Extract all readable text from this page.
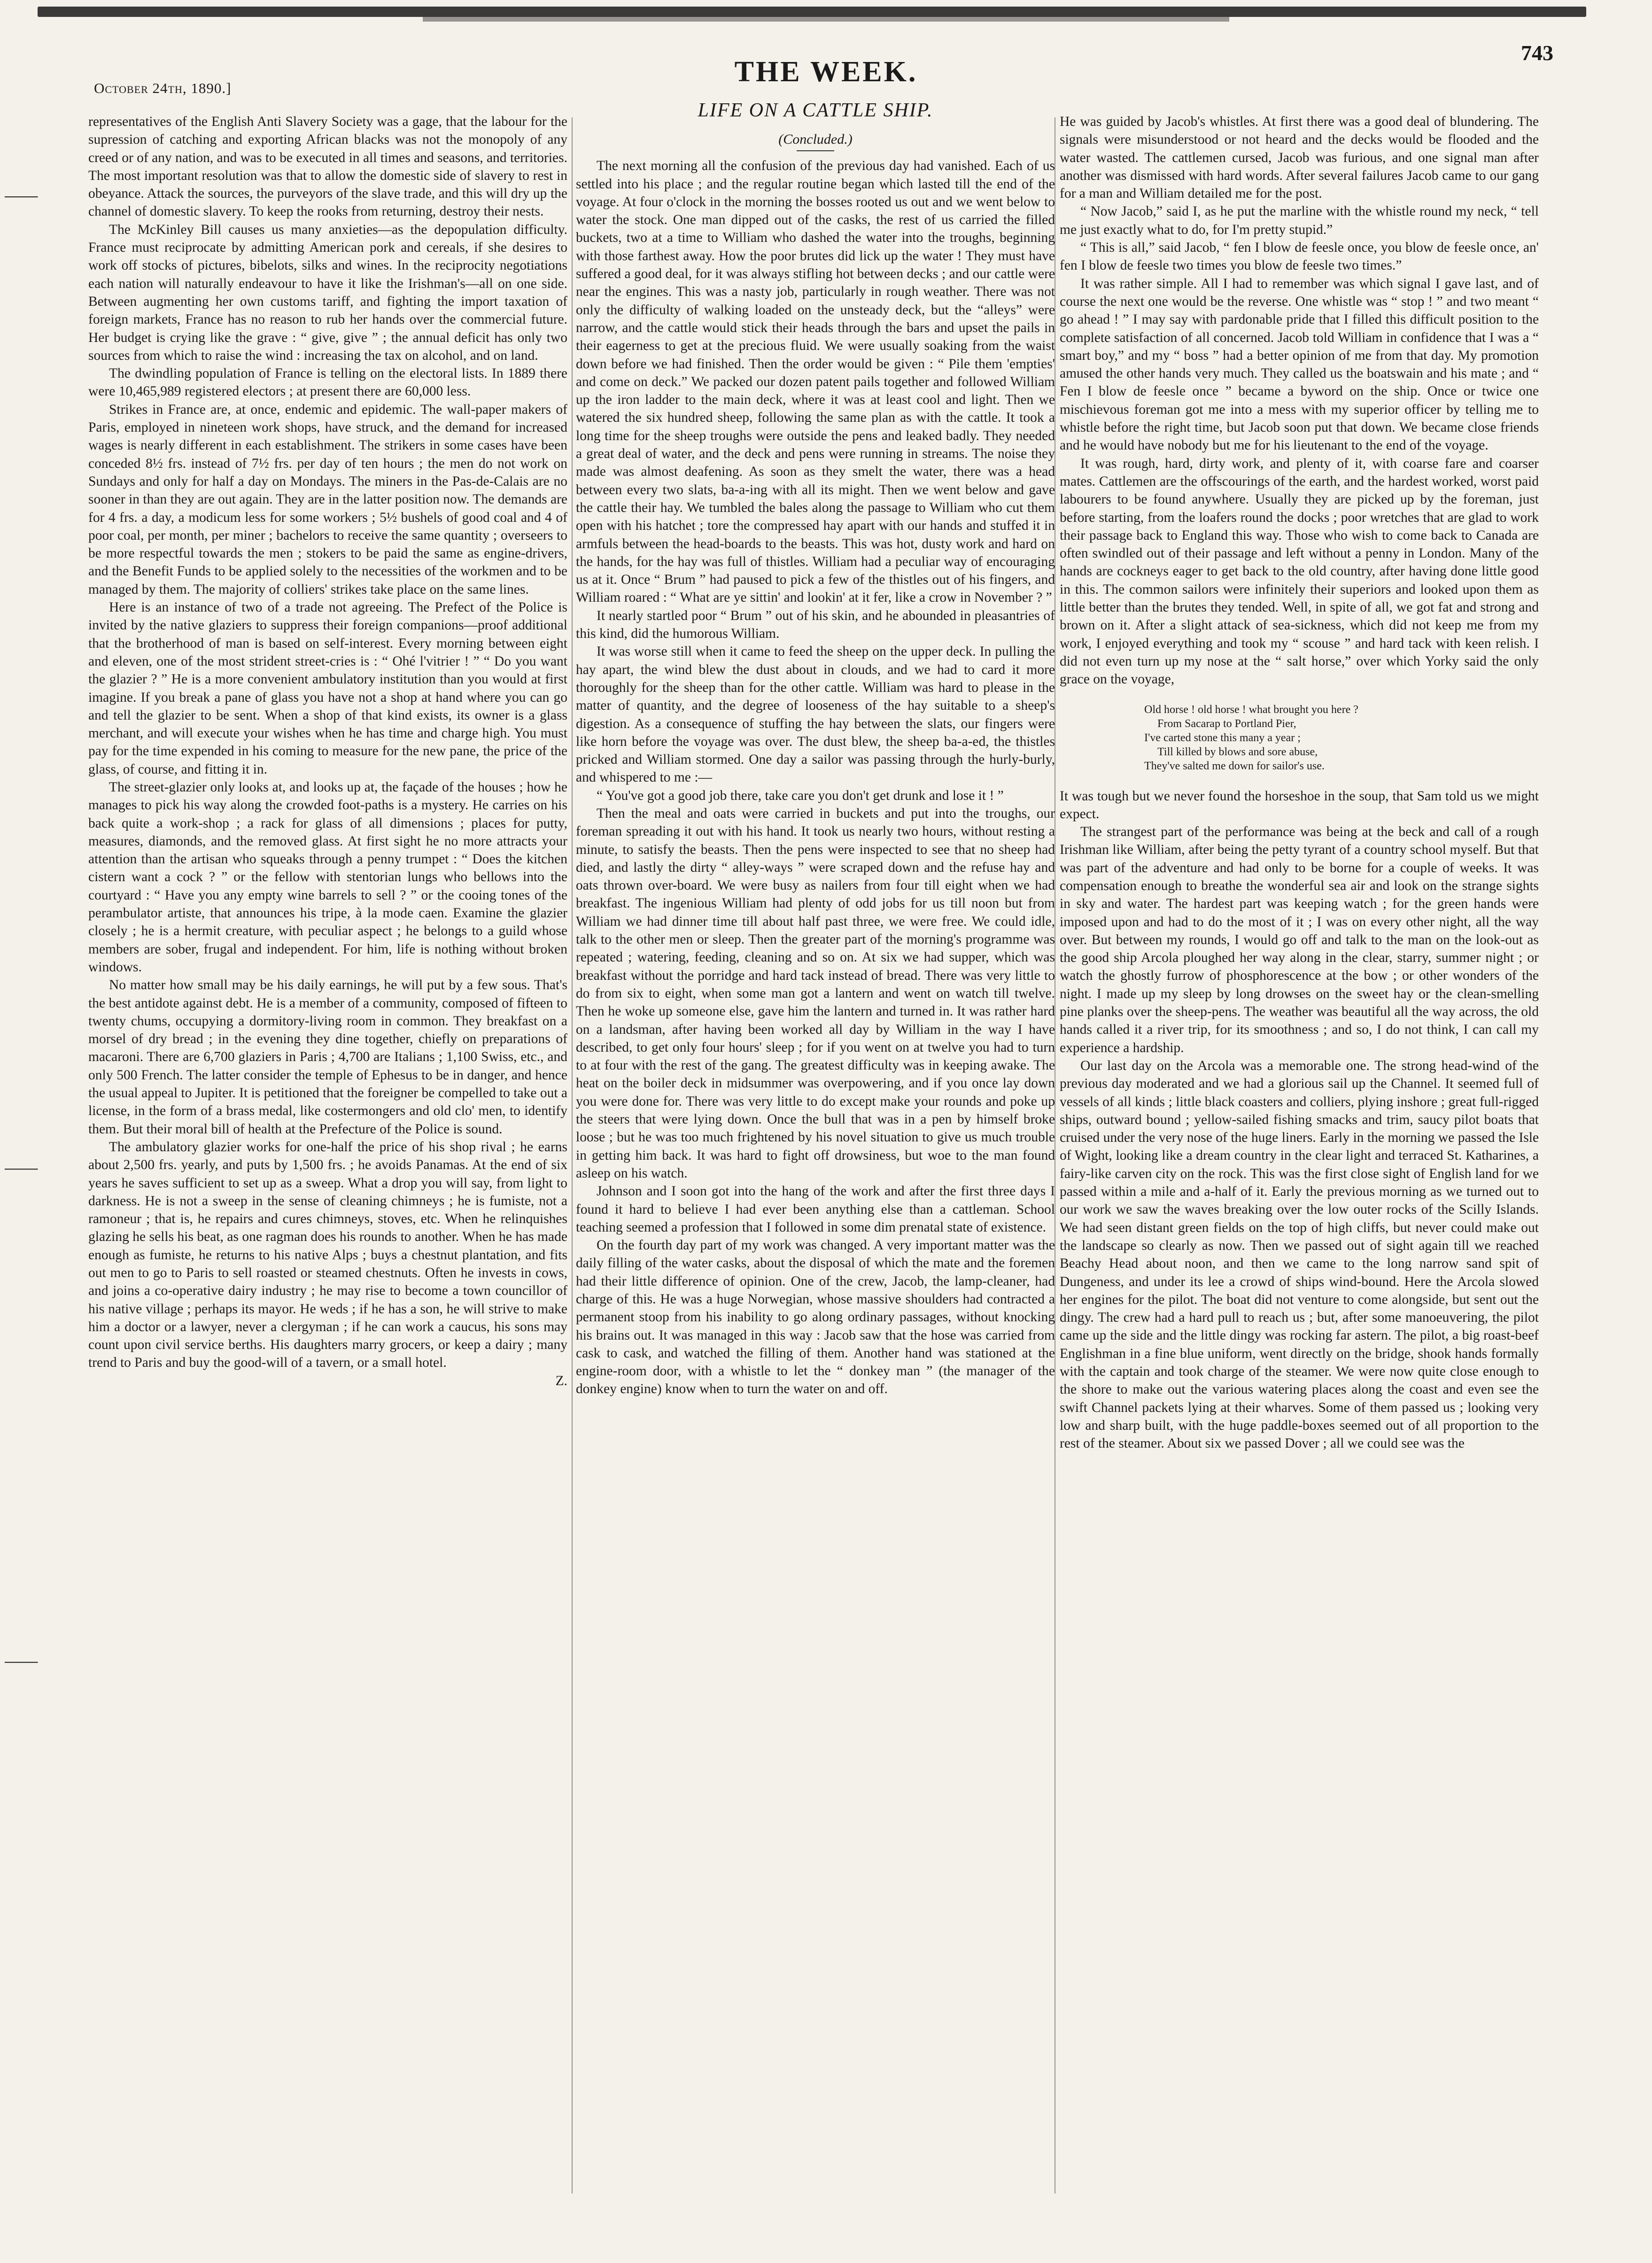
October 24th, 1890.]
THE WEEK.
743
⸺
⸺
⸺

representatives of the English Anti Slavery Society was a gage, that the labour for the supression of catching and exporting African blacks was not the monopoly of any creed or of any nation, and was to be executed in all times and seasons, and territories. The most important resolution was that to allow the domestic side of slavery to rest in obeyance. Attack the sources, the purveyors of the slave trade, and this will dry up the channel of domestic slavery. To keep the rooks from returning, destroy their nests.

The McKinley Bill causes us many anxieties—as the depopulation difficulty. France must reciprocate by admitting American pork and cereals, if she desires to work off stocks of pictures, bibelots, silks and wines. In the reciprocity negotiations each nation will naturally endeavour to have it like the Irishman's—all on one side. Between augmenting her own customs tariff, and fighting the import taxation of foreign markets, France has no reason to rub her hands over the commercial future. Her budget is crying like the grave : “ give, give ” ; the annual deficit has only two sources from which to raise the wind : increasing the tax on alcohol, and on land.

The dwindling population of France is telling on the electoral lists. In 1889 there were 10,465,989 registered electors ; at present there are 60,000 less.

Strikes in France are, at once, endemic and epidemic. The wall-paper makers of Paris, employed in nineteen work shops, have struck, and the demand for increased wages is nearly different in each establishment. The strikers in some cases have been conceded 8½ frs. instead of 7½ frs. per day of ten hours ; the men do not work on Sundays and only for half a day on Mondays. The miners in the Pas-de-Calais are no sooner in than they are out again. They are in the latter position now. The demands are for 4 frs. a day, a modicum less for some workers ; 5½ bushels of good coal and 4 of poor coal, per month, per miner ; bachelors to receive the same quantity ; overseers to be more respectful towards the men ; stokers to be paid the same as engine-drivers, and the Benefit Funds to be applied solely to the necessities of the workmen and to be managed by them. The majority of colliers' strikes take place on the same lines.

Here is an instance of two of a trade not agreeing. The Prefect of the Police is invited by the native glaziers to suppress their foreign companions—proof additional that the brotherhood of man is based on self-interest. Every morning between eight and eleven, one of the most strident street-cries is : “ Ohé l'vitrier ! ” “ Do you want the glazier ? ” He is a more convenient ambulatory institution than you would at first imagine. If you break a pane of glass you have not a shop at hand where you can go and tell the glazier to be sent. When a shop of that kind exists, its owner is a glass merchant, and will execute your wishes when he has time and charge high. You must pay for the time expended in his coming to measure for the new pane, the price of the glass, of course, and fitting it in.

The street-glazier only looks at, and looks up at, the façade of the houses ; how he manages to pick his way along the crowded foot-paths is a mystery. He carries on his back quite a work-shop ; a rack for glass of all dimensions ; places for putty, measures, diamonds, and the removed glass. At first sight he no more attracts your attention than the artisan who squeaks through a penny trumpet : “ Does the kitchen cistern want a cock ? ” or the fellow with stentorian lungs who bellows into the courtyard : “ Have you any empty wine barrels to sell ? ” or the cooing tones of the perambulator artiste, that announces his tripe, à la mode caen. Examine the glazier closely ; he is a hermit creature, with peculiar aspect ; he belongs to a guild whose members are sober, frugal and independent. For him, life is nothing without broken windows.

No matter how small may be his daily earnings, he will put by a few sous. That's the best antidote against debt. He is a member of a community, composed of fifteen to twenty chums, occupying a dormitory-living room in common. They breakfast on a morsel of dry bread ; in the evening they dine together, chiefly on preparations of macaroni. There are 6,700 glaziers in Paris ; 4,700 are Italians ; 1,100 Swiss, etc., and only 500 French. The latter consider the temple of Ephesus to be in danger, and hence the usual appeal to Jupiter. It is petitioned that the foreigner be compelled to take out a license, in the form of a brass medal, like costermongers and old clo' men, to identify them. But their moral bill of health at the Prefecture of the Police is sound.

The ambulatory glazier works for one-half the price of his shop rival ; he earns about 2,500 frs. yearly, and puts by 1,500 frs. ; he avoids Panamas. At the end of six years he saves sufficient to set up as a sweep. What a drop you will say, from light to darkness. He is not a sweep in the sense of cleaning chimneys ; he is fumiste, not a ramoneur ; that is, he repairs and cures chimneys, stoves, etc. When he relinquishes glazing he sells his beat, as one ragman does his rounds to another. When he has made enough as fumiste, he returns to his native Alps ; buys a chestnut plantation, and fits out men to go to Paris to sell roasted or steamed chestnuts. Often he invests in cows, and joins a co-operative dairy industry ; he may rise to become a town councillor of his native village ; perhaps its mayor. He weds ; if he has a son, he will strive to make him a doctor or a lawyer, never a clergyman ; if he can work a caucus, his sons may count upon civil service berths. His daughters marry grocers, or keep a dairy ; many trend to Paris and buy the good-will of a tavern, or a small hotel.

Z.

LIFE ON A CATTLE SHIP.
(Concluded.)

The next morning all the confusion of the previous day had vanished. Each of us settled into his place ; and the regular routine began which lasted till the end of the voyage. At four o'clock in the morning the bosses rooted us out and we went below to water the stock. One man dipped out of the casks, the rest of us carried the filled buckets, two at a time to William who dashed the water into the troughs, beginning with those farthest away. How the poor brutes did lick up the water ! They must have suffered a good deal, for it was always stifling hot between decks ; and our cattle were near the engines. This was a nasty job, particularly in rough weather. There was not only the difficulty of walking loaded on the unsteady deck, but the “alleys” were narrow, and the cattle would stick their heads through the bars and upset the pails in their eagerness to get at the precious fluid. We were usually soaking from the waist down before we had finished. Then the order would be given : “ Pile them 'empties' and come on deck.” We packed our dozen patent pails together and followed William up the iron ladder to the main deck, where it was at least cool and light. Then we watered the six hundred sheep, following the same plan as with the cattle. It took a long time for the sheep troughs were outside the pens and leaked badly. They needed a great deal of water, and the deck and pens were running in streams. The noise they made was almost deafening. As soon as they smelt the water, there was a head between every two slats, ba-a-ing with all its might. Then we went below and gave the cattle their hay. We tumbled the bales along the passage to William who cut them open with his hatchet ; tore the compressed hay apart with our hands and stuffed it in armfuls between the head-boards to the beasts. This was hot, dusty work and hard on the hands, for the hay was full of thistles. William had a peculiar way of encouraging us at it. Once “ Brum ” had paused to pick a few of the thistles out of his fingers, and William roared : “ What are ye sittin' and lookin' at it fer, like a crow in November ? ”

It nearly startled poor “ Brum ” out of his skin, and he abounded in pleasantries of this kind, did the humorous William.

It was worse still when it came to feed the sheep on the upper deck. In pulling the hay apart, the wind blew the dust about in clouds, and we had to card it more thoroughly for the sheep than for the other cattle. William was hard to please in the matter of quantity, and the degree of looseness of the hay suitable to a sheep's digestion. As a consequence of stuffing the hay between the slats, our fingers were like horn before the voyage was over. The dust blew, the sheep ba-a-ed, the thistles pricked and William stormed. One day a sailor was passing through the hurly-burly, and whispered to me :—

“ You've got a good job there, take care you don't get drunk and lose it ! ”

Then the meal and oats were carried in buckets and put into the troughs, our foreman spreading it out with his hand. It took us nearly two hours, without resting a minute, to satisfy the beasts. Then the pens were inspected to see that no sheep had died, and lastly the dirty “ alley-ways ” were scraped down and the refuse hay and oats thrown over-board. We were busy as nailers from four till eight when we had breakfast. The ingenious William had plenty of odd jobs for us till noon but from William we had dinner time till about half past three, we were free. We could idle, talk to the other men or sleep. Then the greater part of the morning's programme was repeated ; watering, feeding, cleaning and so on. At six we had supper, which was breakfast without the porridge and hard tack instead of bread. There was very little to do from six to eight, when some man got a lantern and went on watch till twelve. Then he woke up someone else, gave him the lantern and turned in. It was rather hard on a landsman, after having been worked all day by William in the way I have described, to get only four hours' sleep ; for if you went on at twelve you had to turn to at four with the rest of the gang. The greatest difficulty was in keeping awake. The heat on the boiler deck in midsummer was overpowering, and if you once lay down you were done for. There was very little to do except make your rounds and poke up the steers that were lying down. Once the bull that was in a pen by himself broke loose ; but he was too much frightened by his novel situation to give us much trouble in getting him back. It was hard to fight off drowsiness, but woe to the man found asleep on his watch.

Johnson and I soon got into the hang of the work and after the first three days I found it hard to believe I had ever been anything else than a cattleman. School teaching seemed a profession that I followed in some dim prenatal state of existence.

On the fourth day part of my work was changed. A very important matter was the daily filling of the water casks, about the disposal of which the mate and the foremen had their little difference of opinion. One of the crew, Jacob, the lamp-cleaner, had charge of this. He was a huge Norwegian, whose massive shoulders had contracted a permanent stoop from his inability to go along ordinary passages, without knocking his brains out. It was managed in this way : Jacob saw that the hose was carried from cask to cask, and watched the filling of them. Another hand was stationed at the engine-room door, with a whistle to let the “ donkey man ” (the manager of the donkey engine) know when to turn the water on and off.

He was guided by Jacob's whistles. At first there was a good deal of blundering. The signals were misunderstood or not heard and the decks would be flooded and the water wasted. The cattlemen cursed, Jacob was furious, and one signal man after another was dismissed with hard words. After several failures Jacob came to our gang for a man and William detailed me for the post.

“ Now Jacob,” said I, as he put the marline with the whistle round my neck, “ tell me just exactly what to do, for I'm pretty stupid.”

“ This is all,” said Jacob, “ fen I blow de feesle once, you blow de feesle once, an' fen I blow de feesle two times you blow de feesle two times.”

It was rather simple. All I had to remember was which signal I gave last, and of course the next one would be the reverse. One whistle was “ stop ! ” and two meant “ go ahead ! ” I may say with pardonable pride that I filled this difficult position to the complete satisfaction of all concerned. Jacob told William in confidence that I was a “ smart boy,” and my “ boss ” had a better opinion of me from that day. My promotion amused the other hands very much. They called us the boatswain and his mate ; and “ Fen I blow de feesle once ” became a byword on the ship. Once or twice one mischievous foreman got me into a mess with my superior officer by telling me to whistle before the right time, but Jacob soon put that down. We became close friends and he would have nobody but me for his lieutenant to the end of the voyage.

It was rough, hard, dirty work, and plenty of it, with coarse fare and coarser mates. Cattlemen are the offscourings of the earth, and the hardest worked, worst paid labourers to be found anywhere. Usually they are picked up by the foreman, just before starting, from the loafers round the docks ; poor wretches that are glad to work their passage back to England this way. Those who wish to come back to Canada are often swindled out of their passage and left without a penny in London. Many of the hands are cockneys eager to get back to the old country, after having done little good in this. The common sailors were infinitely their superiors and looked upon them as little better than the brutes they tended. Well, in spite of all, we got fat and strong and brown on it. After a slight attack of sea-sickness, which did not keep me from my work, I enjoyed everything and took my “ scouse ” and hard tack with keen relish. I did not even turn up my nose at the “ salt horse,” over which Yorky said the only grace on the voyage,

Old horse ! old horse ! what brought you here ?
From Sacarap to Portland Pier,
I've carted stone this many a year ;
Till killed by blows and sore abuse,
They've salted me down for sailor's use.

It was tough but we never found the horseshoe in the soup, that Sam told us we might expect.

The strangest part of the performance was being at the beck and call of a rough Irishman like William, after being the petty tyrant of a country school myself. But that was part of the adventure and had only to be borne for a couple of weeks. It was compensation enough to breathe the wonderful sea air and look on the strange sights in sky and water. The hardest part was keeping watch ; for the green hands were imposed upon and had to do the most of it ; I was on every other night, all the way over. But between my rounds, I would go off and talk to the man on the look-out as the good ship Arcola ploughed her way along in the clear, starry, summer night ; or watch the ghostly furrow of phosphorescence at the bow ; or other wonders of the night. I made up my sleep by long drowses on the sweet hay or the clean-smelling pine planks over the sheep-pens. The weather was beautiful all the way across, the old hands called it a river trip, for its smoothness ; and so, I do not think, I can call my experience a hardship.

Our last day on the Arcola was a memorable one. The strong head-wind of the previous day moderated and we had a glorious sail up the Channel. It seemed full of vessels of all kinds ; little black coasters and colliers, plying inshore ; great full-rigged ships, outward bound ; yellow-sailed fishing smacks and trim, saucy pilot boats that cruised under the very nose of the huge liners. Early in the morning we passed the Isle of Wight, looking like a dream country in the clear light and terraced St. Katharines, a fairy-like carven city on the rock. This was the first close sight of English land for we passed within a mile and a-half of it. Early the previous morning as we turned out to our work we saw the waves breaking over the low outer rocks of the Scilly Islands. We had seen distant green fields on the top of high cliffs, but never could make out the landscape so clearly as now. Then we passed out of sight again till we reached Beachy Head about noon, and then we came to the long narrow sand spit of Dungeness, and under its lee a crowd of ships wind-bound. Here the Arcola slowed her engines for the pilot. The boat did not venture to come alongside, but sent out the dingy. The crew had a hard pull to reach us ; but, after some manoeuvering, the pilot came up the side and the little dingy was rocking far astern. The pilot, a big roast-beef Englishman in a fine blue uniform, went directly on the bridge, shook hands formally with the captain and took charge of the steamer. We were now quite close enough to the shore to make out the various watering places along the coast and even see the swift Channel packets lying at their wharves. Some of them passed us ; looking very low and sharp built, with the huge paddle-boxes seemed out of all proportion to the rest of the steamer. About six we passed Dover ; all we could see was the
